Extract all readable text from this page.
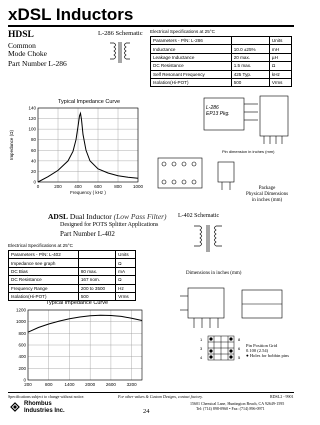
xDSL Inductors
HDSL
Common
Mode Choke
Part Number L-286
L-286 Schematic Electrical Specifications at 25°C
Parameters - P/N: L-286		Units
Inductance	10.0 ±25%	mH
Leakage Inductance	20 max.	µH
DC Resistance	1.5 max.	Ω
Self Resonant Frequency	425 Typ.	kHz
Isolation(Hi-POT)	500	Vrms
Typical Impedance Curve
140
120
100
80
60
40
20
0
0	200	400	600	800 1000
Frequency ( kHz )
Impedance (Ω)
L-286
EP13 Pkg.
Pin dimension in inches (mm)
Package
Physical Dimensions
in inches (mm)
ADSL Dual Inductor (Low Pass Filter)
Designed for POTS Splitter Applications
Part Number L-402
L-402 Schematic
Electrical Specifications at 25°C
Parameters - P/N: L-402		Units
Impedance see graph		Ω
DC Bias	80 max.	mA
DC Resistance	167 nom.	Ω
Frequency Range	200 to 3500	Hz
Isolation(Hi-POT)	500	Vrms
Dimensions in inches (mm)
1
3
4
8
6
5
Pin Position Grid
0.100 (2.54)
● Holes for bobbin pins
Typical Impedance Curve
1200
1000
800
600
400
200
0
200	800	1400 2000 2600 3200
Specifications subject to change without notice.	For other values & Custom Designs, contact factory.	RDSL2 - 9901
Rhombus
Industries Inc.	24
15601 Chemical Lane, Huntington Beach, CA 92649-1595
Tel: (714) 898-0960 • Fax: (714) 896-0971
